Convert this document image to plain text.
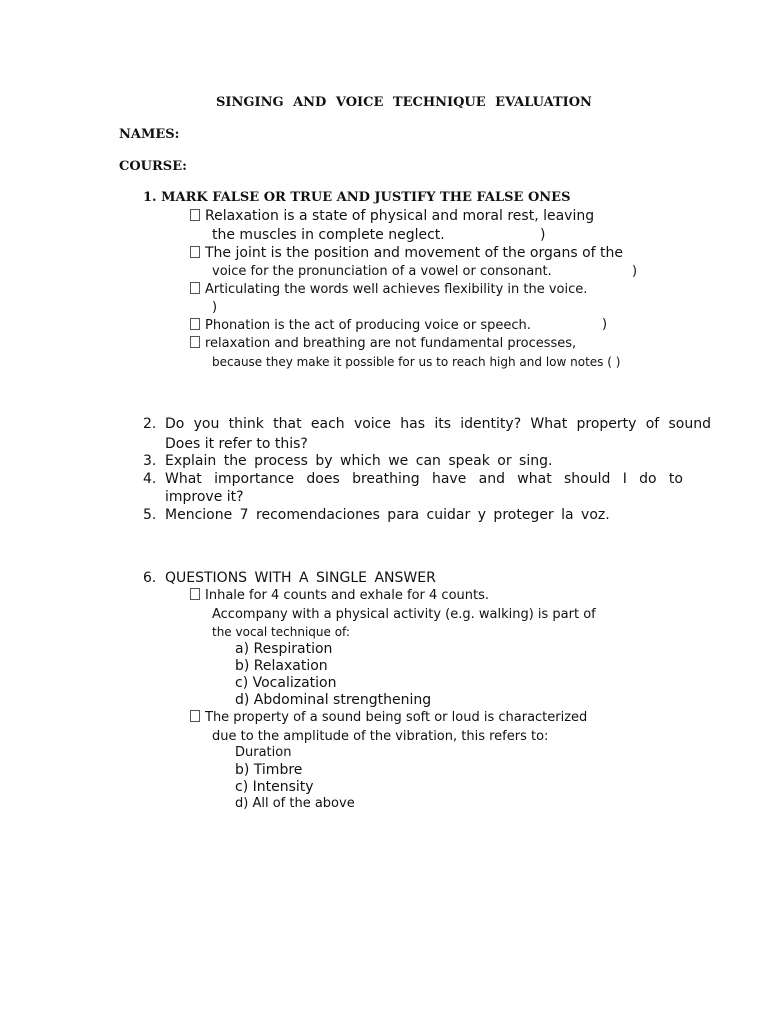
SINGING AND VOICE TECHNIQUE EVALUATION
NAMES:
COURSE:
1. MARK FALSE OR TRUE AND JUSTIFY THE FALSE ONES
Relaxation is a state of physical and moral rest, leaving
the muscles in complete neglect.	)
The joint is the position and movement of the organs of the
voice for the pronunciation of a vowel or consonant.	)
Articulating the words well achieves flexibility in the voice.
)
Phonation is the act of producing voice or speech.	)
relaxation and breathing are not fundamental processes,
because they make it possible for us to reach high and low notes ( )
2. Do you think that each voice has its identity? What property of sound
Does it refer to this?
3. Explain the process by which we can speak or sing.
4. What importance does breathing have and what should I do to
improve it?
5. Mencione 7 recomendaciones para cuidar y proteger la voz.
6. QUESTIONS WITH A SINGLE ANSWER
Inhale for 4 counts and exhale for 4 counts.
Accompany with a physical activity (e.g. walking) is part of
the vocal technique of:
a) Respiration
b) Relaxation
c) Vocalization
d) Abdominal strengthening
The property of a sound being soft or loud is characterized
due to the amplitude of the vibration, this refers to:
Duration
b) Timbre
c) Intensity
d) All of the above
